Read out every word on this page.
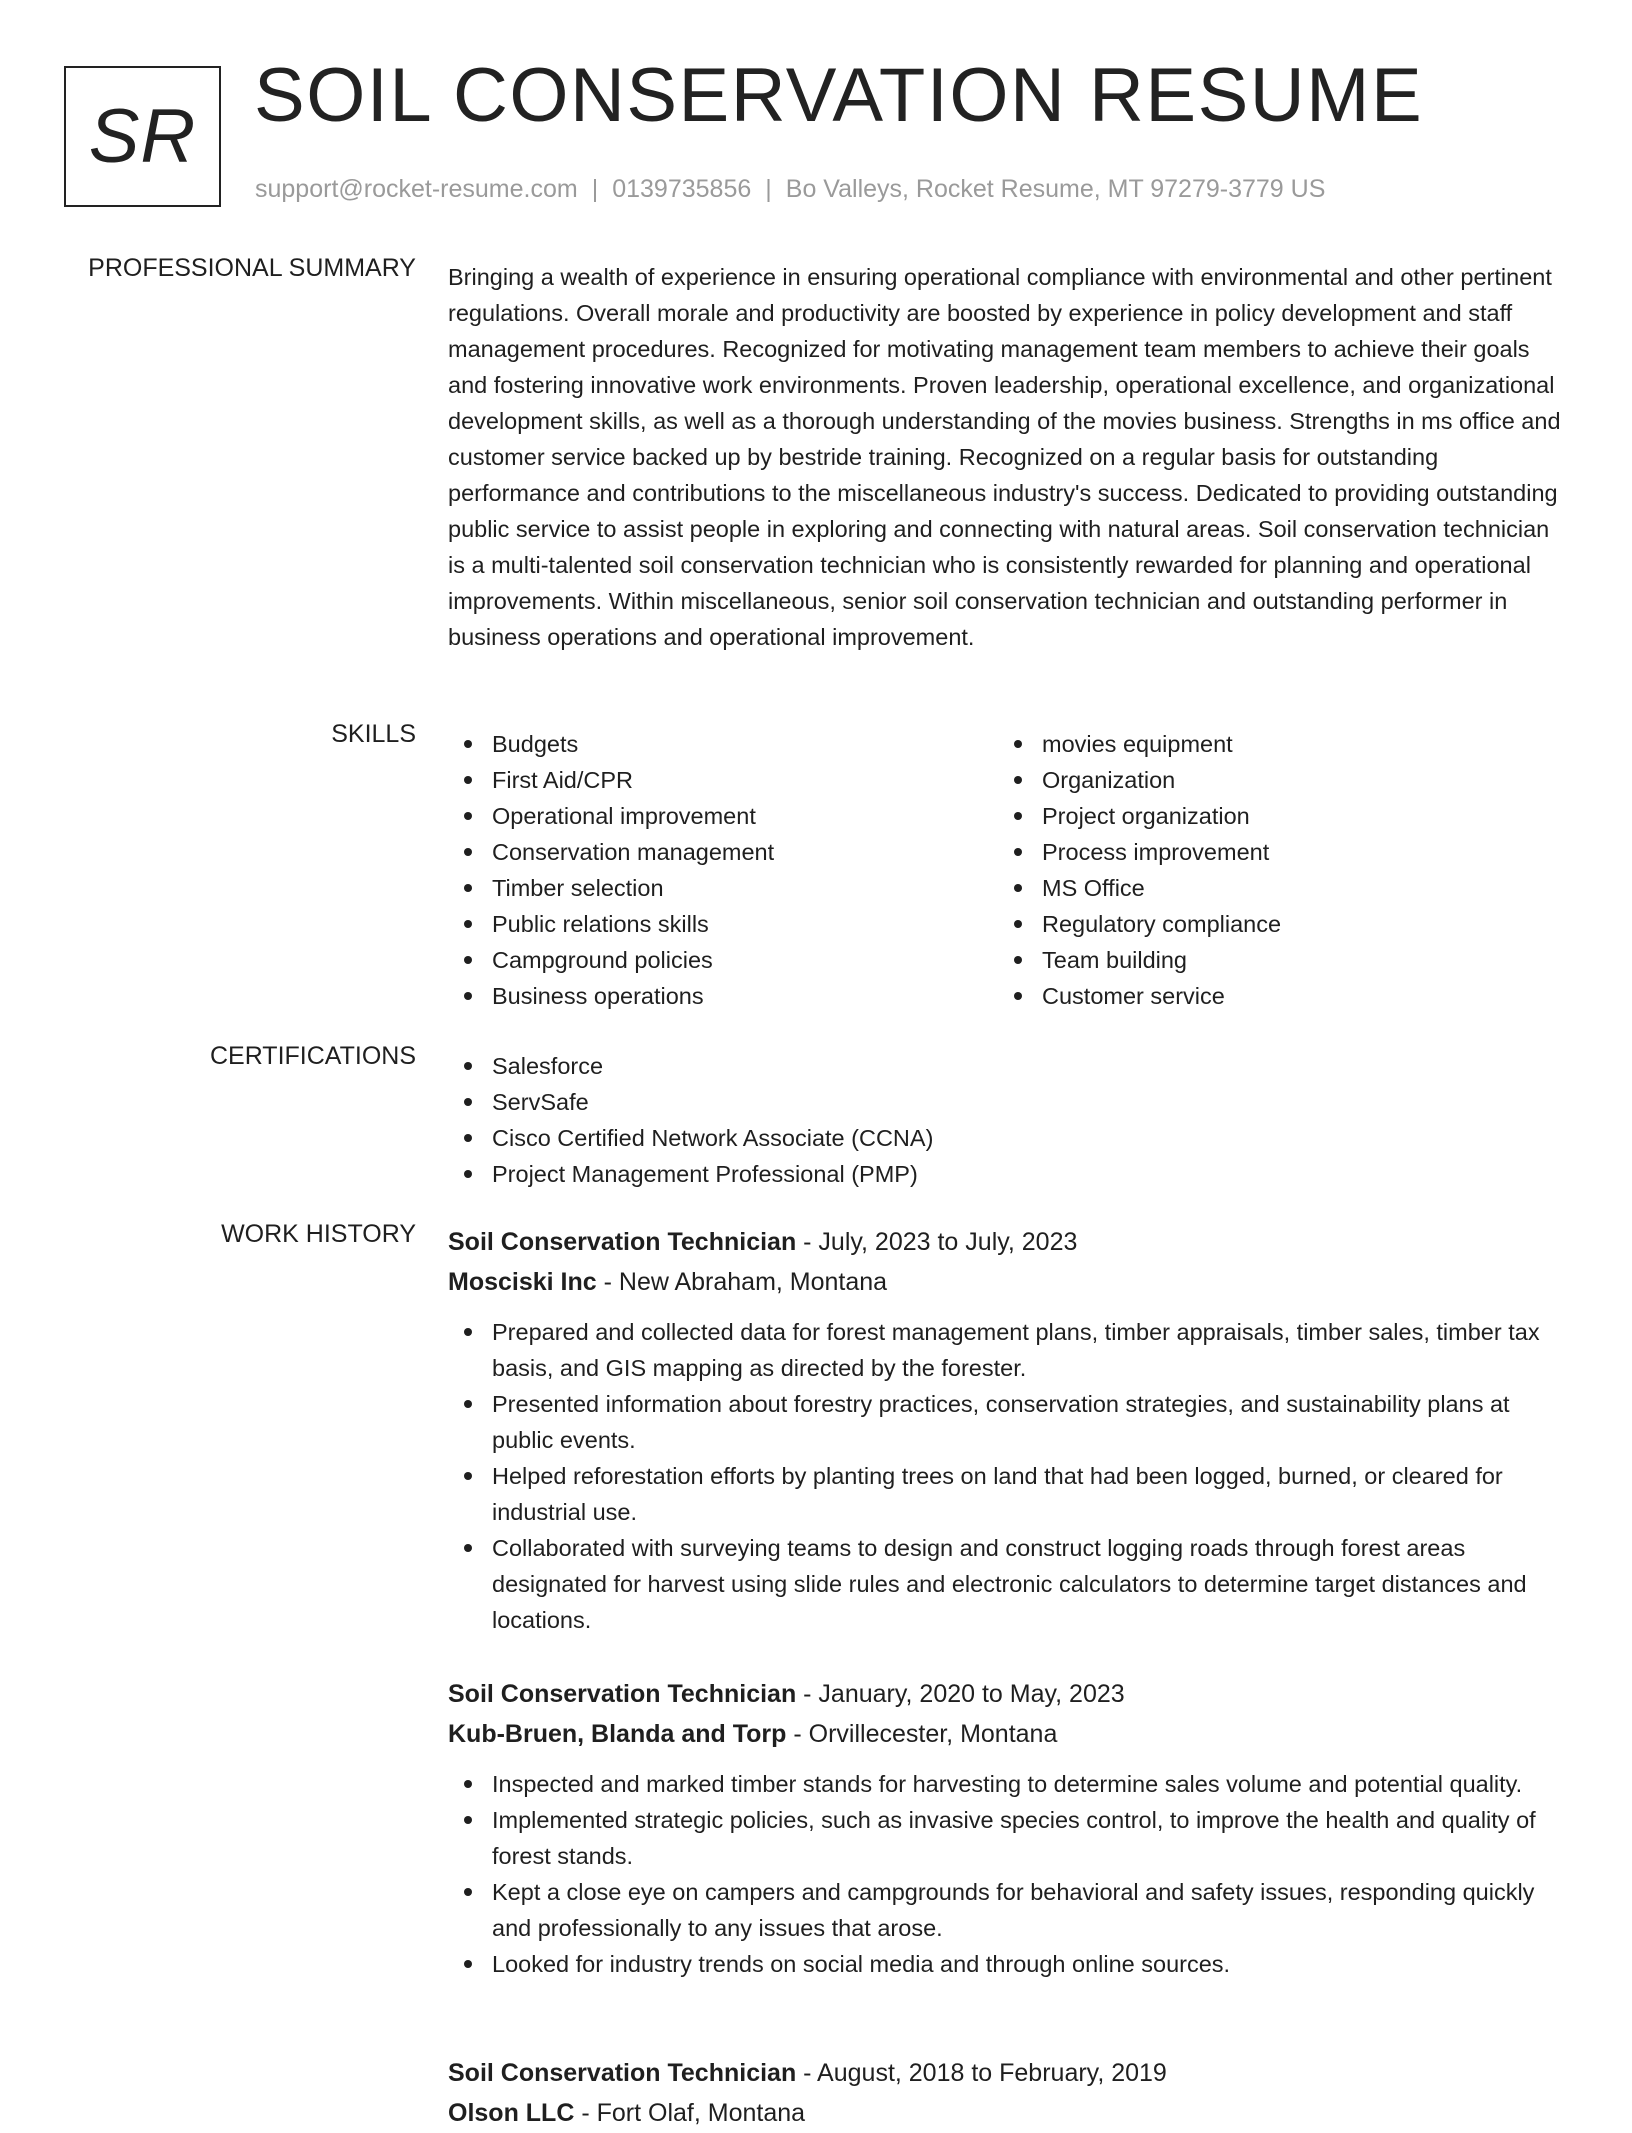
SR SOIL CONSERVATION RESUME
support@rocket-resume.com | 0139735856 | Bo Valleys, Rocket Resume, MT 97279-3779 US
PROFESSIONAL SUMMARY Bringing a wealth of experience in ensuring operational compliance with environmental and other pertinent regulations. Overall morale and productivity are boosted by experience in policy development and staff management procedures. Recognized for motivating management team members to achieve their goals and fostering innovative work environments. Proven leadership, operational excellence, and organizational development skills, as well as a thorough understanding of the movies business. Strengths in ms office and customer service backed up by bestride training. Recognized on a regular basis for outstanding performance and contributions to the miscellaneous industry's success. Dedicated to providing outstanding public service to assist people in exploring and connecting with natural areas. Soil conservation technician is a multi-talented soil conservation technician who is consistently rewarded for planning and operational improvements. Within miscellaneous, senior soil conservation technician and outstanding performer in business operations and operational improvement.

SKILLS	Budgets
First Aid/CPR
Operational improvement
Conservation management
Timber selection
Public relations skills
Campground policies
Business operations
movies equipment
Organization
Project organization
Process improvement
MS Office
Regulatory compliance
Team building
Customer service
CERTIFICATIONS	Salesforce
ServSafe
Cisco Certified Network Associate (CCNA)
Project Management Professional (PMP)
WORK HISTORY Soil Conservation Technician - July, 2023 to July, 2023
Mosciski Inc - New Abraham, Montana
Prepared and collected data for forest management plans, timber appraisals, timber sales, timber tax basis, and GIS mapping as directed by the forester.
Presented information about forestry practices, conservation strategies, and sustainability plans at public events.
Helped reforestation efforts by planting trees on land that had been logged, burned, or cleared for industrial use.
Collaborated with surveying teams to design and construct logging roads through forest areas designated for harvest using slide rules and electronic calculators to determine target distances and locations.
Soil Conservation Technician - January, 2020 to May, 2023
Kub-Bruen, Blanda and Torp - Orvillecester, Montana
Inspected and marked timber stands for harvesting to determine sales volume and potential quality.
Implemented strategic policies, such as invasive species control, to improve the health and quality of forest stands.
Kept a close eye on campers and campgrounds for behavioral and safety issues, responding quickly and professionally to any issues that arose.
Looked for industry trends on social media and through online sources.
Soil Conservation Technician - August, 2018 to February, 2019
Olson LLC - Fort Olaf, Montana
